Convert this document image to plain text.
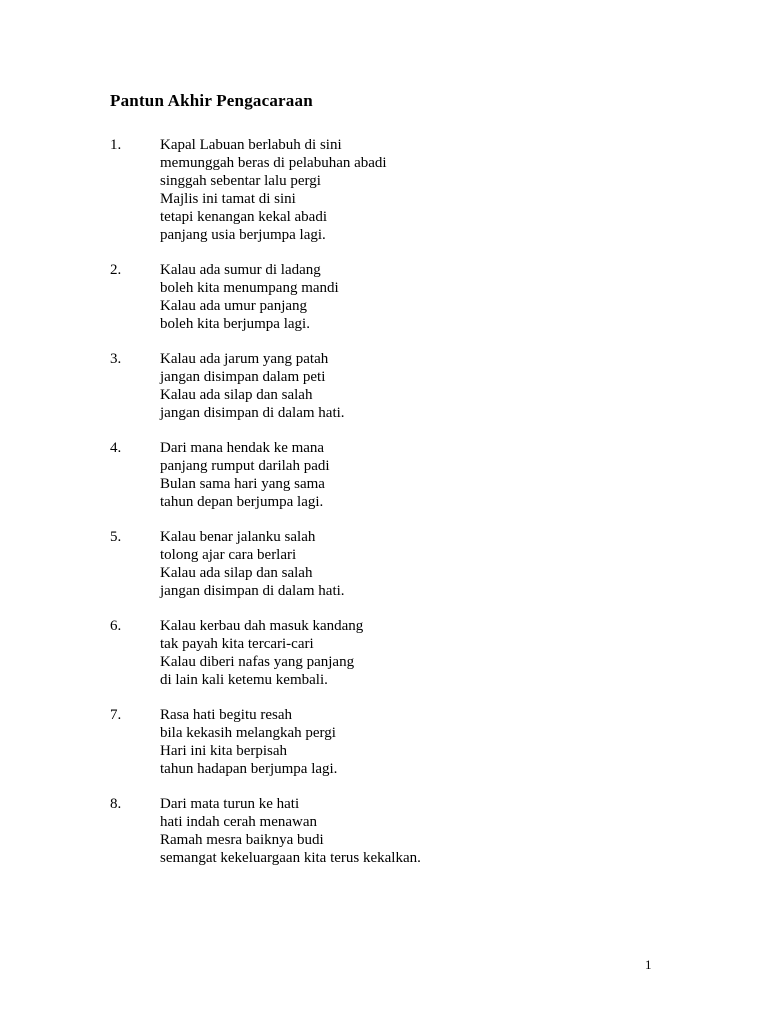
Pantun Akhir Pengacaraan
1.	Kapal Labuan berlabuh di sini
memunggah beras di pelabuhan abadi
singgah sebentar lalu pergi
Majlis ini tamat di sini
tetapi kenangan kekal abadi
panjang usia berjumpa lagi.
2.	Kalau ada sumur di ladang
boleh kita menumpang mandi
Kalau ada umur panjang
boleh kita berjumpa lagi.
3.	Kalau ada jarum yang patah
jangan disimpan dalam peti
Kalau ada silap dan salah
jangan disimpan di dalam hati.
4.	Dari mana hendak ke mana
panjang rumput darilah padi
Bulan sama hari yang sama
tahun depan berjumpa lagi.
5.	Kalau benar jalanku salah
tolong ajar cara berlari
Kalau ada silap dan salah
jangan disimpan di dalam hati.
6.	Kalau kerbau dah masuk kandang
tak payah kita tercari-cari
Kalau diberi nafas yang panjang
di lain kali ketemu kembali.
7.	Rasa hati begitu resah
bila kekasih melangkah pergi
Hari ini kita berpisah
tahun hadapan berjumpa lagi.
8.	Dari mata turun ke hati
hati indah cerah menawan
Ramah mesra baiknya budi
semangat kekeluargaan kita terus kekalkan.
1
